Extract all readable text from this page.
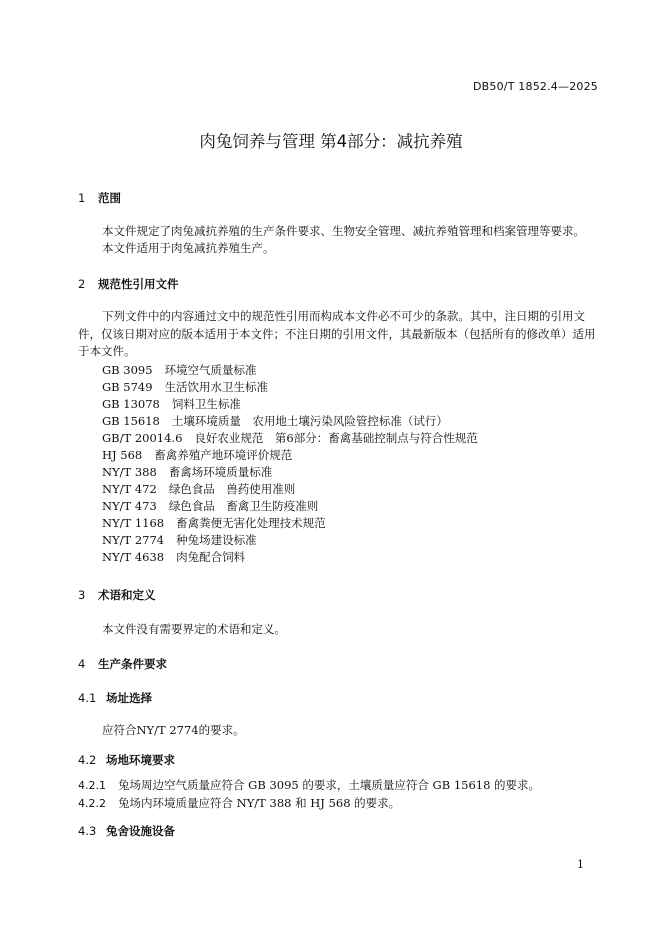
DB50/T 1852.4—2025
肉兔饲养与管理 第4部分：减抗养殖
1 范围
本文件规定了肉兔减抗养殖的生产条件要求、生物安全管理、减抗养殖管理和档案管理等要求。
本文件适用于肉兔减抗养殖生产。
2 规范性引用文件
下列文件中的内容通过文中的规范性引用而构成本文件必不可少的条款。其中，注日期的引用文件，仅该日期对应的版本适用于本文件；不注日期的引用文件，其最新版本（包括所有的修改单）适用于本文件。
GB 3095 环境空气质量标准
GB 5749 生活饮用水卫生标准
GB 13078 饲料卫生标准
GB 15618 土壤环境质量　农用地土壤污染风险管控标准（试行）
GB/T 20014.6 良好农业规范　第6部分：畜禽基础控制点与符合性规范
HJ 568 畜禽养殖产地环境评价规范
NY/T 388 畜禽场环境质量标准
NY/T 472 绿色食品　兽药使用准则
NY/T 473 绿色食品　畜禽卫生防疫准则
NY/T 1168 畜禽粪便无害化处理技术规范
NY/T 2774 种兔场建设标准
NY/T 4638 肉兔配合饲料
3 术语和定义
本文件没有需要界定的术语和定义。
4 生产条件要求
4.1 场址选择
应符合NY/T 2774的要求。
4.2 场地环境要求
4.2.1 兔场周边空气质量应符合 GB 3095 的要求，土壤质量应符合 GB 15618 的要求。
4.2.2 兔场内环境质量应符合 NY/T 388 和 HJ 568 的要求。
4.3 兔舍设施设备
1
